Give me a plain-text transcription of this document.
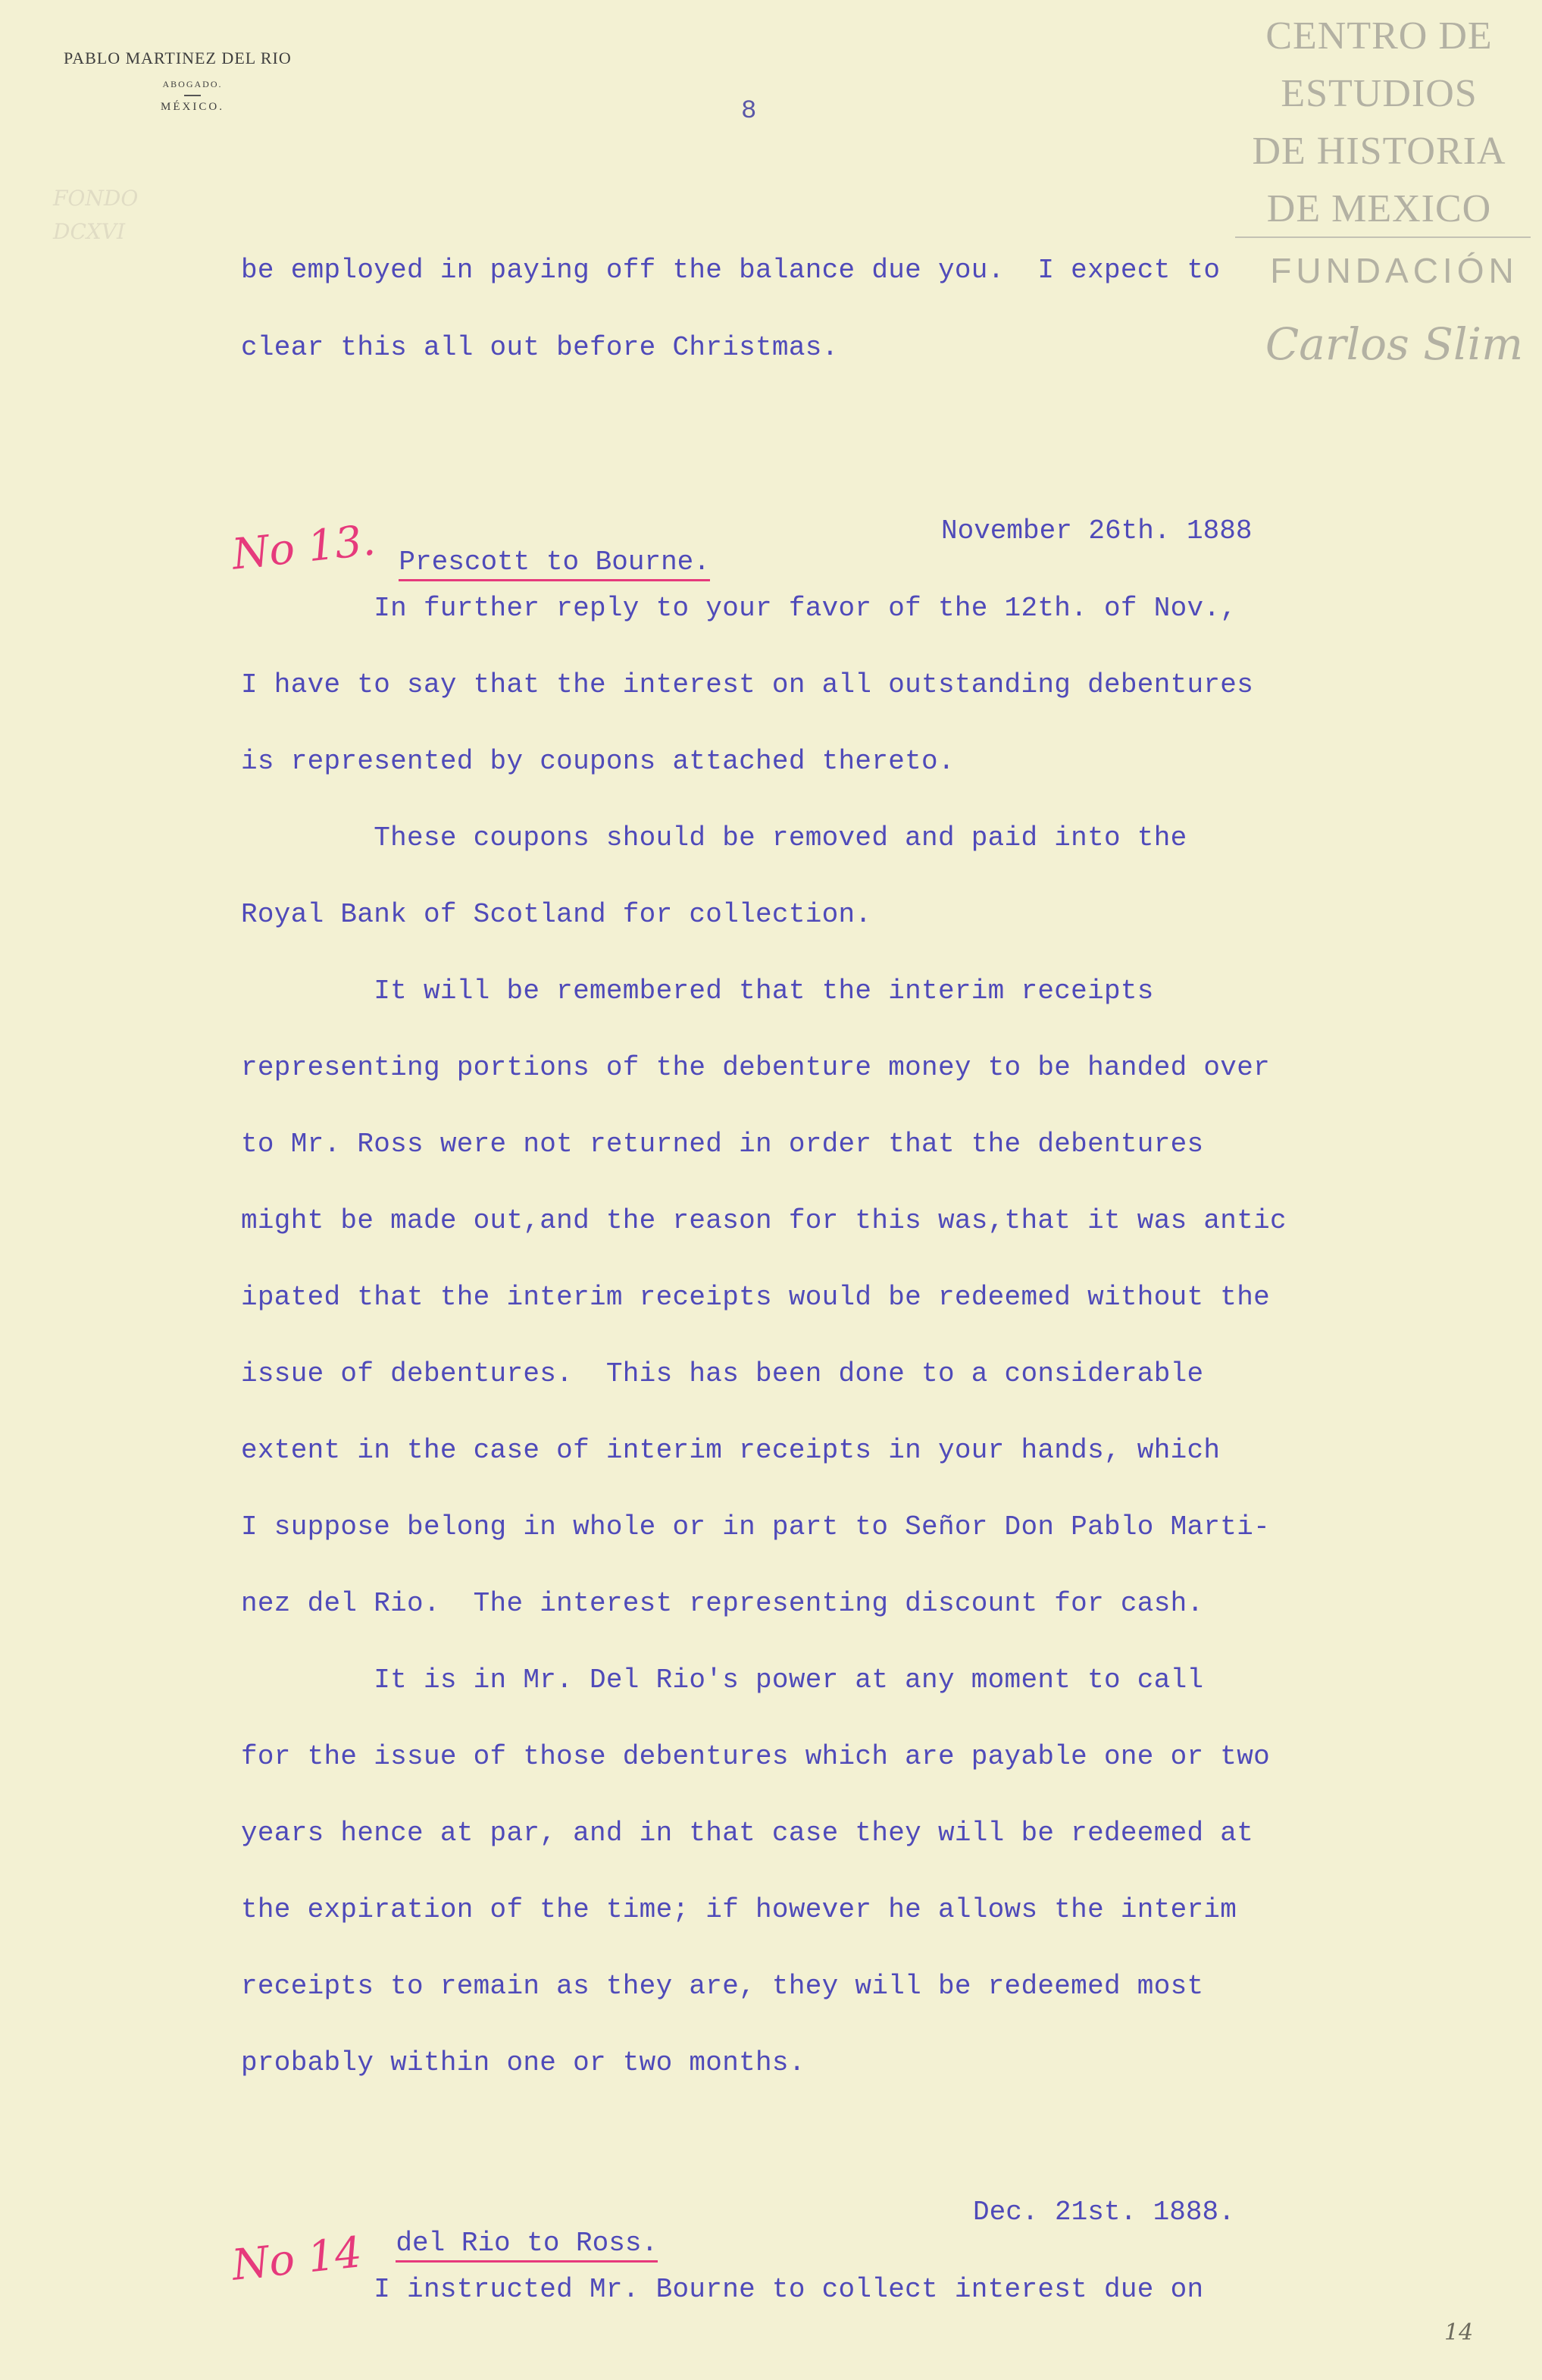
PABLO MARTINEZ DEL RIO
ABOGADO.
MÉXICO.	8
FONDO
DCXVI
CENTRO DE
ESTUDIOS
DE HISTORIA
DE MEXICO
FUNDACIÓN
Carlos Slim
be employed in paying off the balance due you.  I expect to
clear this all out before Christmas.
No 13. Prescott to Bourne.

November 26th. 1888
In further reply to your favor of the 12th. of Nov.,
I have to say that the interest on all outstanding debentures
is represented by coupons attached thereto.
These coupons should be removed and paid into the
Royal Bank of Scotland for collection.
It will be remembered that the interim receipts
representing portions of the debenture money to be handed over
to Mr. Ross were not returned in order that the debentures
might be made out,and the reason for this was,that it was antic
ipated that the interim receipts would be redeemed without the
issue of debentures.  This has been done to a considerable
extent in the case of interim receipts in your hands, which
I suppose belong in whole or in part to Señor Don Pablo Marti-
nez del Rio.  The interest representing discount for cash.
It is in Mr. Del Rio's power at any moment to call
for the issue of those debentures which are payable one or two
years hence at par, and in that case they will be redeemed at
the expiration of the time; if however he allows the interim
receipts to remain as they are, they will be redeemed most
probably within one or two months.
No 14	del Rio to Ross.

Dec. 21st. 1888.
I instructed Mr. Bourne to collect interest due on
14
